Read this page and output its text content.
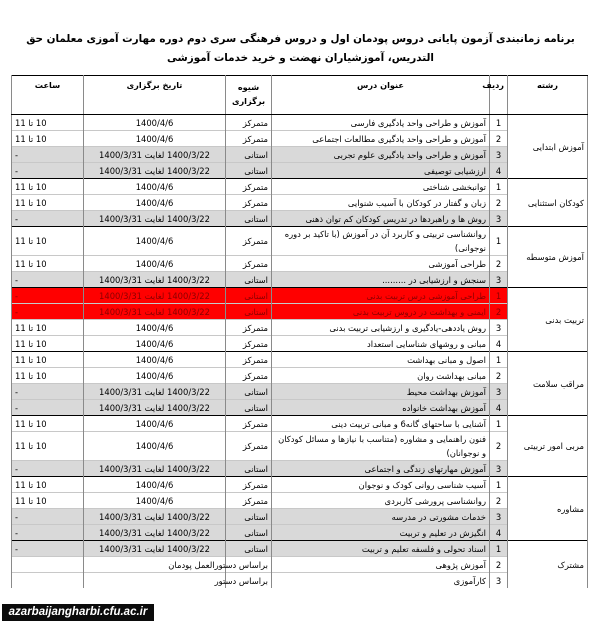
برنامه زمانبندی آزمون پایانی دروس پودمان اول و دروس فرهنگی سری دوم دوره مهارت آموزی معلمان حق التدریس، آموزشیاران نهضت و خرید خدمات آموزشی
رشته	ردیف	عنوان درس	شیوه برگزاری	تاریخ برگزاری	ساعت
آموزش ابتدایی	1	آموزش و طراحی واحد یادگیری فارسی	متمرکز	1400/4/6	10 تا 11
	2	آموزش و طراحی واحد یادگیری مطالعات اجتماعی	متمرکز	1400/4/6	10 تا 11
	3	آموزش و طراحی واحد یادگیری علوم تجربی	استانی	1400/3/22 لغایت 1400/3/31	-
	4	ارزشیابی توصیفی	استانی	1400/3/22 لغایت 1400/3/31	-
کودکان استثنایی	1	توانبخشی شناختی	متمرکز	1400/4/6	10 تا 11
	2	زبان و گفتار در کودکان با آسیب شنوایی	متمرکز	1400/4/6	10 تا 11
	3	روش ها و راهبردها در تدریس کودکان کم توان ذهنی	استانی	1400/3/22 لغایت 1400/3/31	-
آموزش متوسطه	1	روانشناسی تربیتی و کاربرد آن در آموزش (با تاکید بر دوره نوجوانی)	متمرکز	1400/4/6	10 تا 11
	2	طراحی آموزشی	متمرکز	1400/4/6	10 تا 11
	3	سنجش و ارزشیابی در .........	استانی	1400/3/22 لغایت 1400/3/31	-
تربیت بدنی	1	طراحی آموزشی درس تربیت بدنی	استانی	1400/3/22 لغایت 1400/3/31	-
	2	ایمنی و بهداشت در دروس تربیت بدنی	استانی	1400/3/22 لغایت 1400/3/31	-
	3	روش یاددهی-یادگیری و ارزشیابی تربیت بدنی	متمرکز	1400/4/6	10 تا 11
	4	مبانی و روشهای شناسایی استعداد	متمرکز	1400/4/6	10 تا 11
مراقب سلامت	1	اصول و مبانی بهداشت	متمرکز	1400/4/6	10 تا 11
	2	مبانی بهداشت روان	متمرکز	1400/4/6	10 تا 11
	3	آموزش بهداشت محیط	استانی	1400/3/22 لغایت 1400/3/31	-
	4	آموزش بهداشت خانواده	استانی	1400/3/22 لغایت 1400/3/31	-
مربی امور تربیتی	1	آشنایی با ساحتهای گانه6 و مبانی تربیت دینی	متمرکز	1400/4/6	10 تا 11
	2	فنون راهنمایی و مشاوره (متناسب با نیازها و مسائل کودکان و نوجوانان)	متمرکز	1400/4/6	10 تا 11
	3	آموزش مهارتهای زندگی و اجتماعی	استانی	1400/3/22 لغایت 1400/3/31	-
مشاوره	1	آسیب شناسی روانی کودک و نوجوان	متمرکز	1400/4/6	10 تا 11
	2	روانشناسی پرورشی کاربردی	متمرکز	1400/4/6	10 تا 11
	3	خدمات مشورتی در مدرسه	استانی	1400/3/22 لغایت 1400/3/31	-
	4	انگیزش در تعلیم و تربیت	استانی	1400/3/22 لغایت 1400/3/31	-
مشترک	1	اسناد تحولی و فلسفه تعلیم و تربیت	استانی	1400/3/22 لغایت 1400/3/31	-
	2	آموزش پژوهی	براساس دستورالعمل پودمان		
	3	کارآموزی	براساس دستور		
azarbaijangharbi.cfu.ac.ir
